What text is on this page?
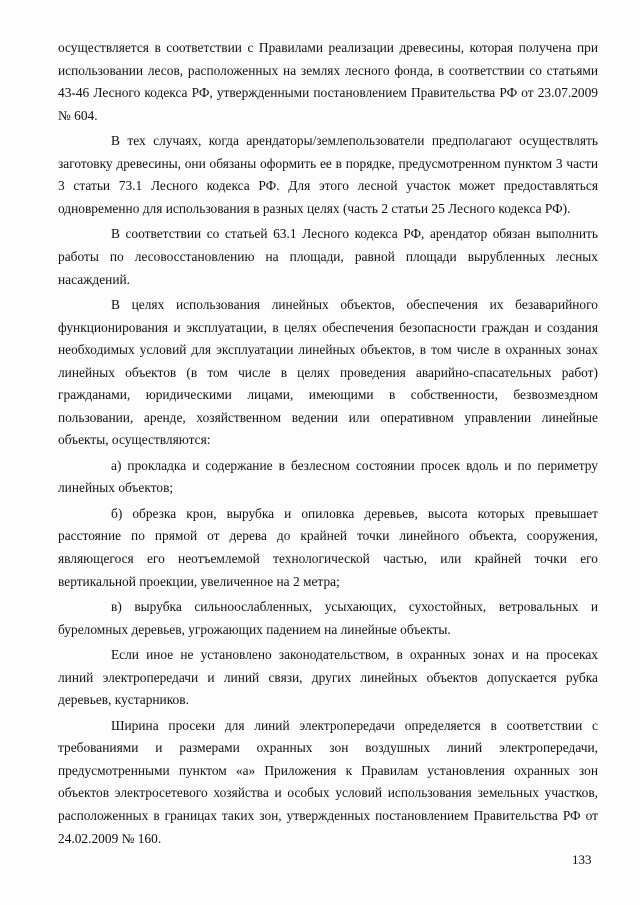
осуществляется в соответствии с Правилами реализации древесины, которая получена при использовании лесов, расположенных на землях лесного фонда, в соответствии со статьями 43-46 Лесного кодекса РФ, утвержденными постановлением Правительства РФ от 23.07.2009 № 604.

В тех случаях, когда арендаторы/землепользователи предполагают осуществлять заготовку древесины, они обязаны оформить ее в порядке, предусмотренном пунктом 3 части 3 статьи 73.1 Лесного кодекса РФ. Для этого лесной участок может предоставляться одновременно для использования в разных целях (часть 2 статьи 25 Лесного кодекса РФ).

В соответствии со статьей 63.1 Лесного кодекса РФ, арендатор обязан выполнить работы по лесовосстановлению на площади, равной площади вырубленных лесных насаждений.

В целях использования линейных объектов, обеспечения их безаварийного функционирования и эксплуатации, в целях обеспечения безопасности граждан и создания необходимых условий для эксплуатации линейных объектов, в том числе в охранных зонах линейных объектов (в том числе в целях проведения аварийно-спасательных работ) гражданами, юридическими лицами, имеющими в собственности, безвозмездном пользовании, аренде, хозяйственном ведении или оперативном управлении линейные объекты, осуществляются:

а) прокладка и содержание в безлесном состоянии просек вдоль и по периметру линейных объектов;

б) обрезка крон, вырубка и опиловка деревьев, высота которых превышает расстояние по прямой от дерева до крайней точки линейного объекта, сооружения, являющегося его неотъемлемой технологической частью, или крайней точки его вертикальной проекции, увеличенное на 2 метра;

в) вырубка сильноослабленных, усыхающих, сухостойных, ветровальных и буреломных деревьев, угрожающих падением на линейные объекты.

Если иное не установлено законодательством, в охранных зонах и на просеках линий электропередачи и линий связи, других линейных объектов допускается рубка деревьев, кустарников.

Ширина просеки для линий электропередачи определяется в соответствии с требованиями и размерами охранных зон воздушных линий электропередачи, предусмотренными пунктом «а» Приложения к Правилам установления охранных зон объектов электросетевого хозяйства и особых условий использования земельных участков, расположенных в границах таких зон, утвержденных постановлением Правительства РФ от 24.02.2009 № 160.

133
